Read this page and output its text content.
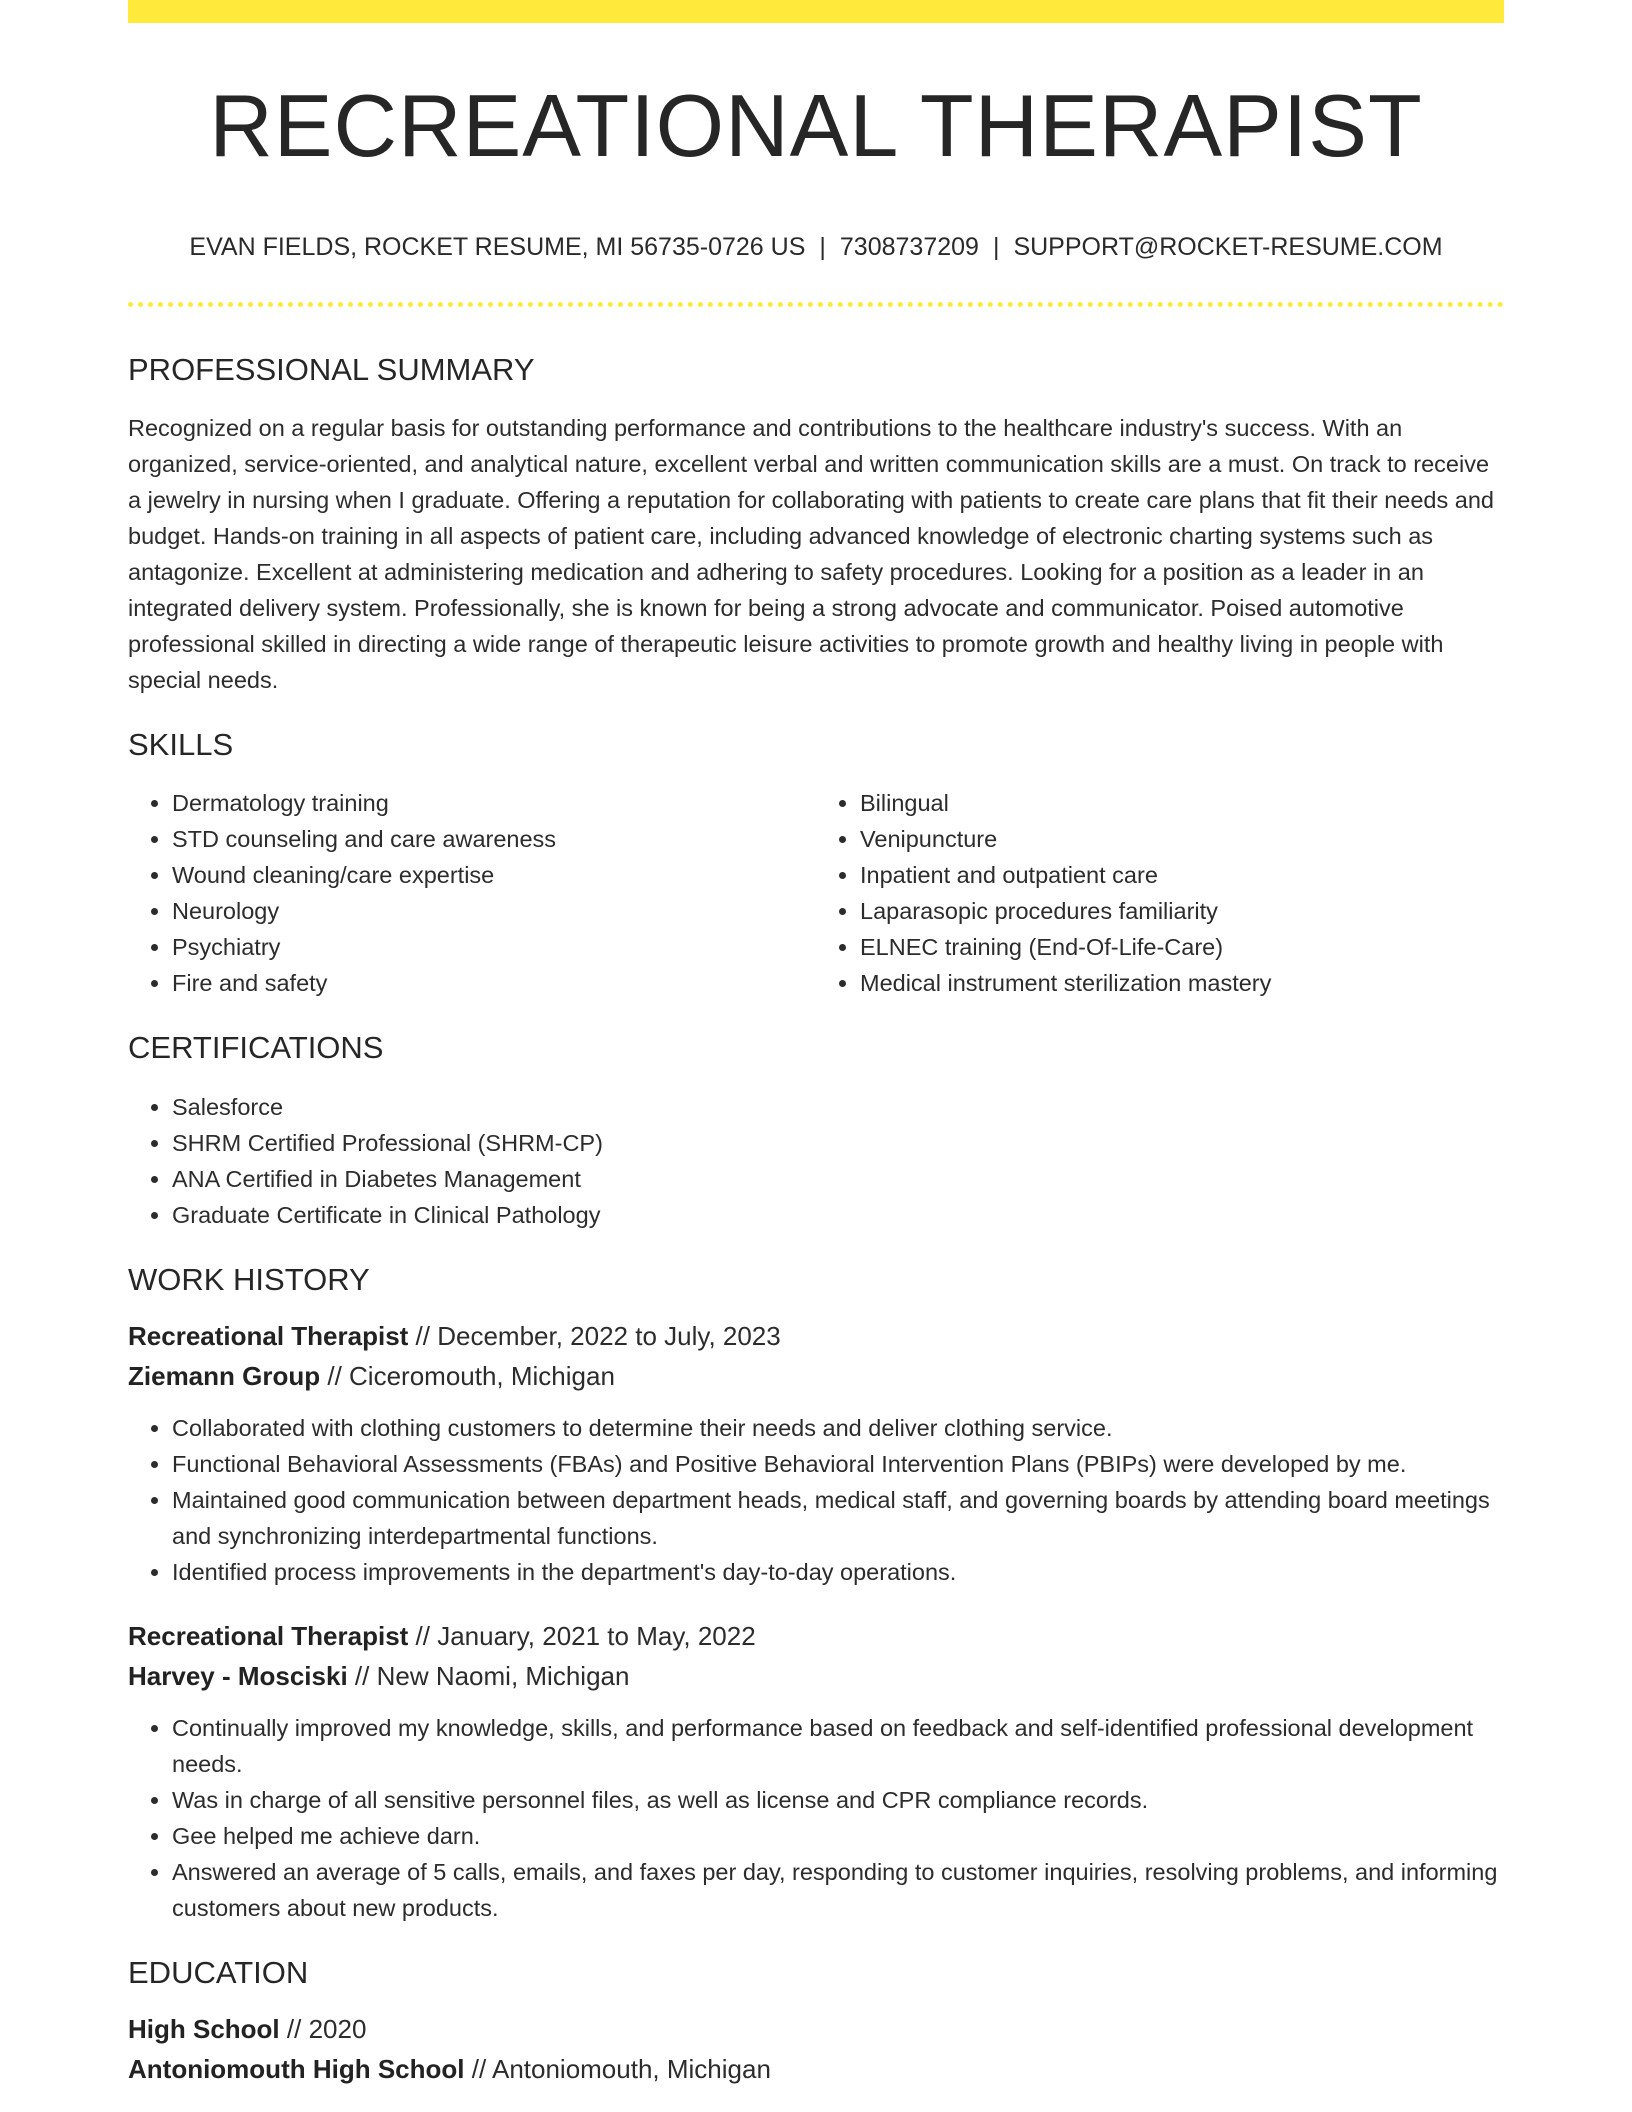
RECREATIONAL THERAPIST
EVAN FIELDS, ROCKET RESUME, MI 56735-0726 US | 7308737209 | SUPPORT@ROCKET-RESUME.COM
PROFESSIONAL SUMMARY

Recognized on a regular basis for outstanding performance and contributions to the healthcare industry's success. With an organized, service-oriented, and analytical nature, excellent verbal and written communication skills are a must. On track to receive a jewelry in nursing when I graduate. Offering a reputation for collaborating with patients to create care plans that fit their needs and budget. Hands-on training in all aspects of patient care, including advanced knowledge of electronic charting systems such as antagonize. Excellent at administering medication and adhering to safety procedures. Looking for a position as a leader in an integrated delivery system. Professionally, she is known for being a strong advocate and communicator. Poised automotive professional skilled in directing a wide range of therapeutic leisure activities to promote growth and healthy living in people with special needs.

SKILLS
• Dermatology training
• STD counseling and care awareness
• Wound cleaning/care expertise
• Neurology
• Psychiatry
• Fire and safety
• Bilingual
• Venipuncture
• Inpatient and outpatient care
• Laparasopic procedures familiarity
• ELNEC training (End-Of-Life-Care)
• Medical instrument sterilization mastery
CERTIFICATIONS
• Salesforce
• SHRM Certified Professional (SHRM-CP)
• ANA Certified in Diabetes Management
• Graduate Certificate in Clinical Pathology
WORK HISTORY
Recreational Therapist // December, 2022 to July, 2023
Ziemann Group // Ciceromouth, Michigan
• Collaborated with clothing customers to determine their needs and deliver clothing service.
• Functional Behavioral Assessments (FBAs) and Positive Behavioral Intervention Plans (PBIPs) were developed by me.
• Maintained good communication between department heads, medical staff, and governing boards by attending board meetings and synchronizing interdepartmental functions.
• Identified process improvements in the department's day-to-day operations.
Recreational Therapist // January, 2021 to May, 2022
Harvey - Mosciski // New Naomi, Michigan
• Continually improved my knowledge, skills, and performance based on feedback and self-identified professional development needs.
• Was in charge of all sensitive personnel files, as well as license and CPR compliance records.
• Gee helped me achieve darn.
• Answered an average of 5 calls, emails, and faxes per day, responding to customer inquiries, resolving problems, and informing customers about new products.
EDUCATION
High School // 2020
Antoniomouth High School // Antoniomouth, Michigan
